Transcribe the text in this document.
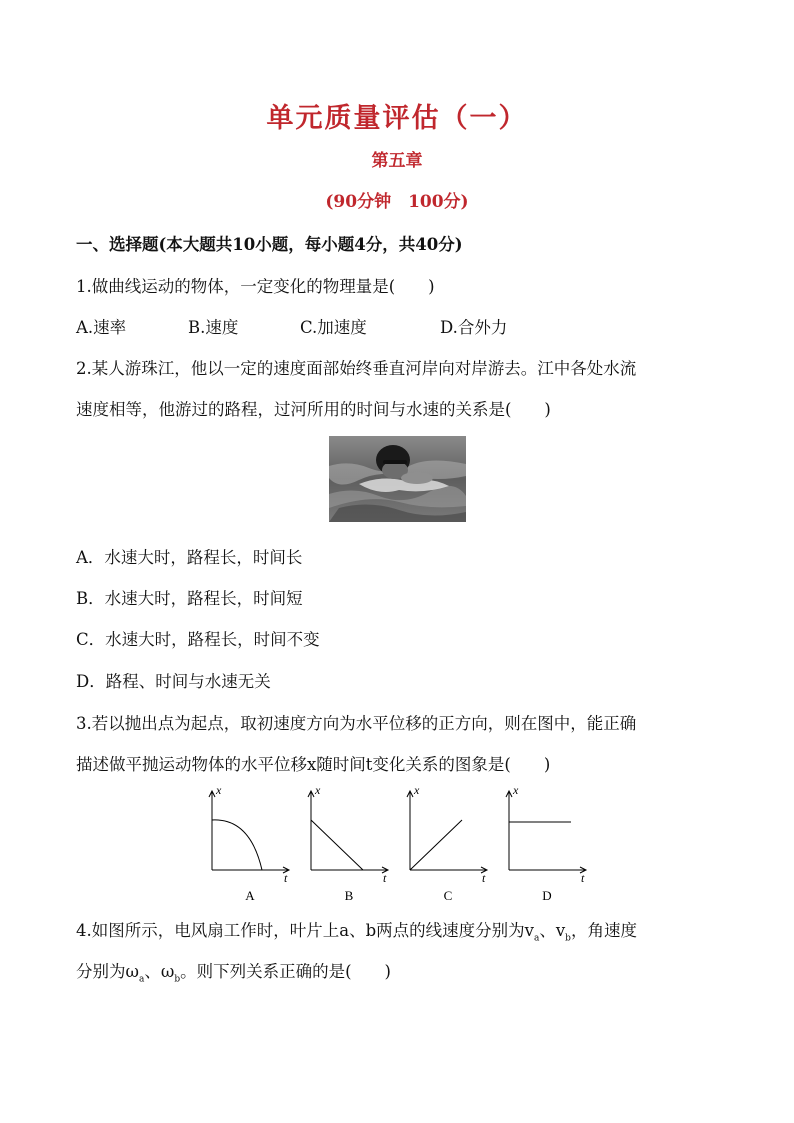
单元质量评估（一）
第五章
(90分钟　100分)
一、选择题(本大题共10小题，每小题4分，共40分)
1.做曲线运动的物体，一定变化的物理量是(　　)
A.速率	B.速度	C.加速度	D.合外力
2.某人游珠江，他以一定的速度面部始终垂直河岸向对岸游去。江中各处水流
速度相等，他游过的路程，过河所用的时间与水速的关系是(　　)
A．水速大时，路程长，时间长
B．水速大时，路程长，时间短
C．水速大时，路程长，时间不变
D．路程、时间与水速无关
3.若以抛出点为起点，取初速度方向为水平位移的正方向，则在图中，能正确
描述做平抛运动物体的水平位移x随时间t变化关系的图象是(　　)
x
t
A
x
t
B
x
t
C
x
t
D
4.如图所示，电风扇工作时，叶片上a、b两点的线速度分别为$v_a$、$v_b$，角速度
分别为$\omega_a$、$\omega_b$。则下列关系正确的是(　　)
